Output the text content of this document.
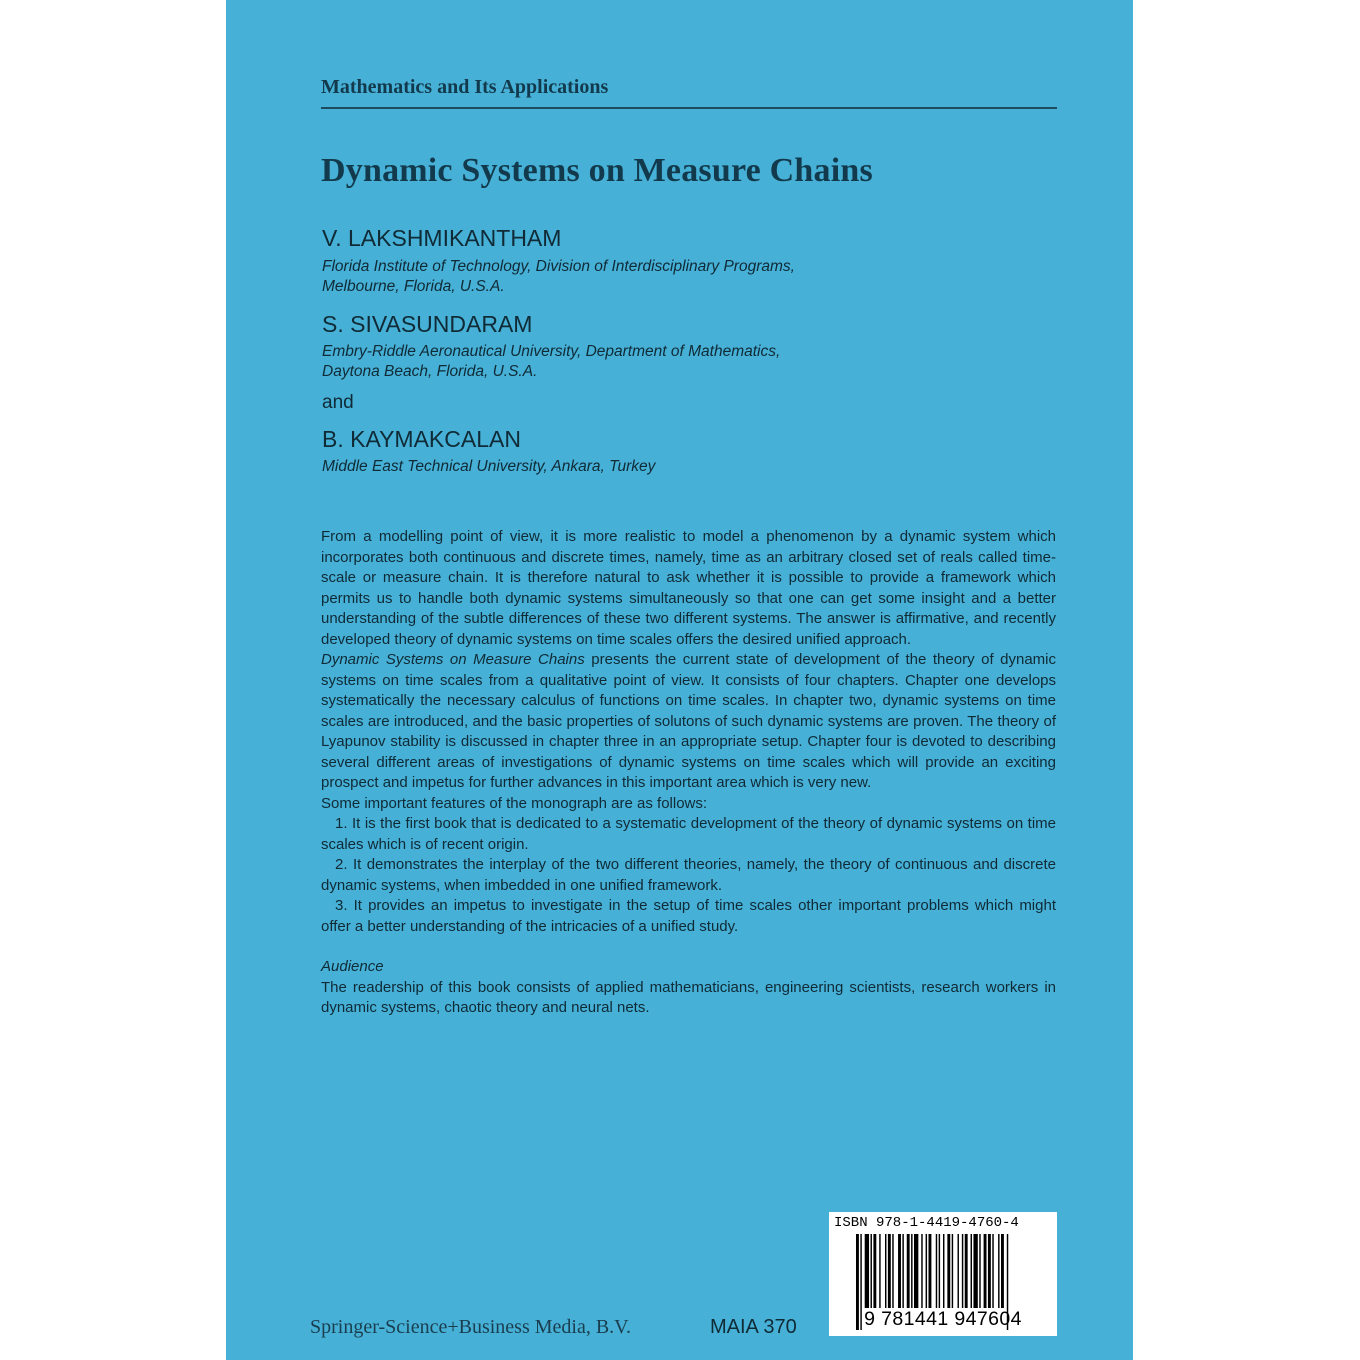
Mathematics and Its Applications
Dynamic Systems on Measure Chains
V. LAKSHMIKANTHAM
Florida Institute of Technology, Division of Interdisciplinary Programs,
Melbourne, Florida, U.S.A.
S. SIVASUNDARAM
Embry-Riddle Aeronautical University, Department of Mathematics,
Daytona Beach, Florida, U.S.A.
and
B. KAYMAKCALAN
Middle East Technical University, Ankara, Turkey

From a modelling point of view, it is more realistic to model a phenomenon by a dynamic system which incorporates both continuous and discrete times, namely, time as an arbitrary closed set of reals called time-scale or measure chain. It is therefore natural to ask whether it is possible to provide a framework which permits us to handle both dynamic systems simultaneously so that one can get some insight and a better understanding of the subtle differences of these two different systems. The answer is affirmative, and recently developed theory of dynamic systems on time scales offers the desired unified approach.

Dynamic Systems on Measure Chains presents the current state of development of the theory of dynamic systems on time scales from a qualitative point of view. It consists of four chapters. Chapter one develops systematically the necessary calculus of functions on time scales. In chapter two, dynamic systems on time scales are introduced, and the basic properties of solutons of such dynamic systems are proven. The theory of Lyapunov stability is discussed in chapter three in an appropriate setup. Chapter four is devoted to describing several different areas of investigations of dynamic systems on time scales which will provide an exciting prospect and impetus for further advances in this important area which is very new.

Some important features of the monograph are as follows:

1. It is the first book that is dedicated to a systematic development of the theory of dynamic systems on time scales which is of recent origin.

2. It demonstrates the interplay of the two different theories, namely, the theory of continuous and discrete dynamic systems, when imbedded in one unified framework.

3. It provides an impetus to investigate in the setup of time scales other important problems which might offer a better understanding of the intricacies of a unified study.

Audience

The readership of this book consists of applied mathematicians, engineering scientists, research workers in dynamic systems, chaotic theory and neural nets.

Springer-Science+Business Media, B.V.	MAIA 370
ISBN 978-1-4419-4760-4
9 781441 947604
